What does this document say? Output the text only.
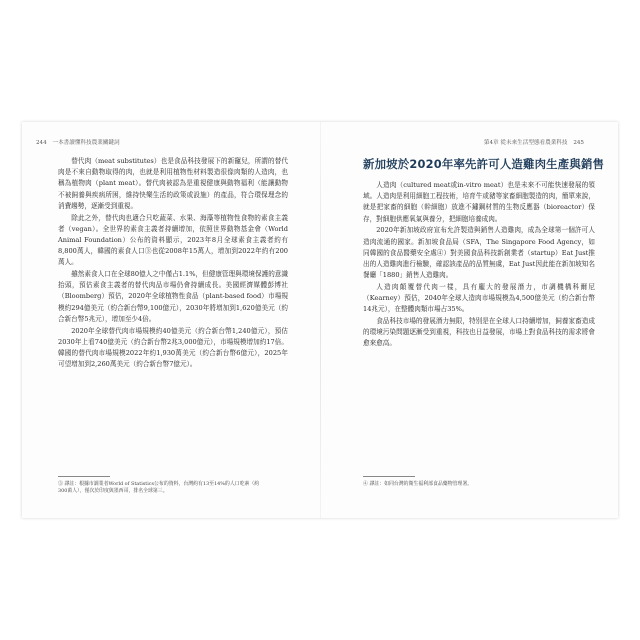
244 一本書讀懂科技農業關鍵詞

替代肉（meat substitutes）也是食品科技發展下的新寵兒，所謂的替代肉是不來自動物取得的肉，也就是利用植物性材料製造很像肉類的人造肉，也稱為植物肉（plant meat）。替代肉被認為是重視健康與動物福利（能讓動物不被飼養與疾病所困，維持快樂生活的政策或設施）的產品，符合環保理念的消費趨勢，逐漸受到重視。

除此之外，替代肉也適合只吃蔬菜、水果、海藻等植物性食物的素食主義者（vegan）。全世界的素食主義者持續增加，依照世界動物基金會（World Animal Foundation）公布的資料顯示，2023年8月全球素食主義者約有8,800萬人，韓國的素食人口③也從2008年15萬人，增加到2022年約有200萬人。

雖然素食人口在全球80億人之中僅占1.1%，但健康管理與環境保護的意識抬頭，預估素食主義者的替代肉品市場仍會持續成長。美國經濟媒體彭博社（Bloomberg）預估，2020年全球植物性食品（plant-based food）市場規模約294億美元（約合新台幣9,100億元），2030年將增加到1,620億美元（約合新台幣5兆元），增加至少4倍。

2020年全球替代肉市場規模約40億美元（約合新台幣1,240億元），預估2030年上看740億美元（約合新台幣2兆3,000億元），市場規模增加約17倍。韓國的替代肉市場規模2022年約1,930萬美元（約合新台幣6億元），2025年可望增加到2,260萬美元（約合新台幣7億元）。

③ 譯註：根據市調業者World of Statistics公布的資料，台灣約有13至14%的人口吃素（約300萬人），僅次於印度與墨西哥，排名全球第三。
第4章 從未來生活型態看農業科技 245
新加坡於2020年率先許可人造雞肉生產與銷售

人造肉（cultured meat或in-vitro meat）也是未來不可能快速發展的領域。人造肉是利用細胞工程技術，培育牛或豬等家畜細胞製造的肉，簡單來說，就是把家畜的細胞（幹細胞）放進不鏽鋼材質的生物反應器（bioreactor）保存，對細胞供應氧氣與養分，把細胞培養成肉。

2020年新加坡政府宣布允許製造與銷售人造雞肉，成為全球第一個許可人造肉流通的國家。新加坡食品局（SFA，The Singapore Food Agency，如同韓國的食品醫藥安全處④）對美國食品科技新創業者（startup）Eat Just推出的人造雞肉進行檢驗，確認該產品的品質無虞，Eat Just因此能在新加坡知名餐廳「1880」銷售人造雞肉。

人造肉顛覆替代肉一樣，具有龐大的發展潛力，市調機構科爾尼（Kearney）預估，2040年全球人造肉市場規模為4,500億美元（約合新台幣14兆元），在整體肉類市場占35%。

食品科技市場的發展潛力無限，特別是在全球人口持續增加，飼養家畜造成的環境污染問題逐漸受到重視，科技也日益發展，市場上對食品科技的需求將會愈來愈高。

④ 譯註：如同台灣的衛生福利部食品藥物管理署。
